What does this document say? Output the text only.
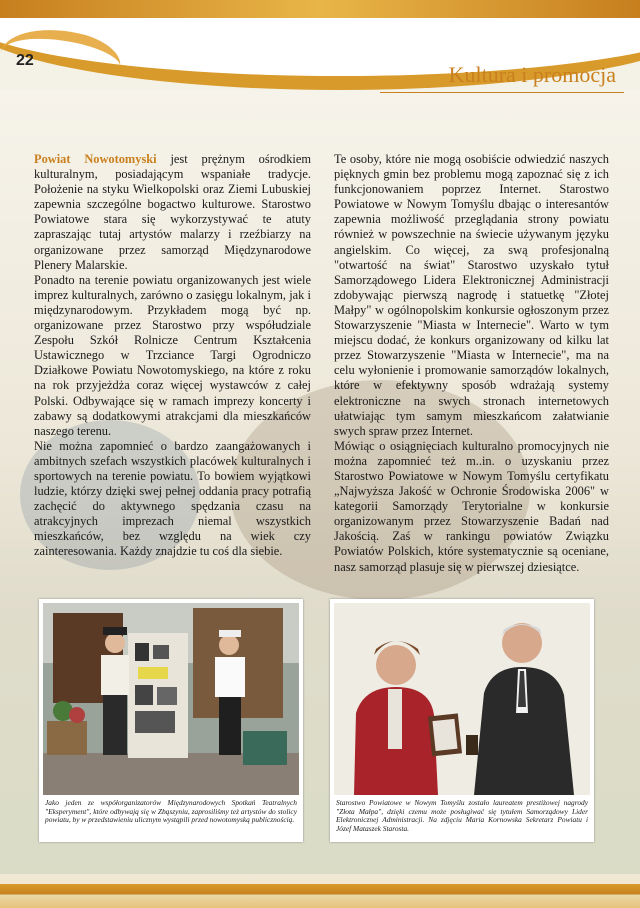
22
Kultura i promocja

Powiat Nowotomyski jest prężnym ośrodkiem kulturalnym, posiadającym wspaniałe tradycje. Położenie na styku Wielkopolski oraz Ziemi Lubuskiej zapewnia szczególne bogactwo kulturowe. Starostwo Powiatowe stara się wykorzystywać te atuty zapraszając tutaj artystów malarzy i rzeźbiarzy na organizowane przez samorząd Międzynarodowe Plenery Malarskie.

Ponadto na terenie powiatu organizowanych jest wiele imprez kulturalnych, zarówno o zasięgu lokalnym, jak i międzynarodowym. Przykładem mogą być np. organizowane przez Starostwo przy współudziale Zespołu Szkół Rolnicze Centrum Kształcenia Ustawicznego w Trzciance Targi Ogrodniczo Działkowe Powiatu Nowotomyskiego, na które z roku na rok przyjeżdża coraz więcej wystawców z całej Polski. Odbywające się w ramach imprezy koncerty i zabawy są dodatkowymi atrakcjami dla mieszkańców naszego terenu.

Nie można zapomnieć o bardzo zaangażowanych i ambitnych szefach wszystkich placówek kulturalnych i sportowych na terenie powiatu. To bowiem wyjątkowi ludzie, którzy dzięki swej pełnej oddania pracy potrafią zachęcić do aktywnego spędzania czasu na atrakcyjnych imprezach niemal wszystkich mieszkańców, bez względu na wiek czy zainteresowania. Każdy znajdzie tu coś dla siebie.

Te osoby, które nie mogą osobiście odwiedzić naszych pięknych gmin bez problemu mogą zapoznać się z ich funkcjonowaniem poprzez Internet. Starostwo Powiatowe w Nowym Tomyślu dbając o interesantów zapewnia możliwość przeglądania strony powiatu również w powszechnie na świecie używanym języku angielskim. Co więcej, za swą profesjonalną "otwartość na świat" Starostwo uzyskało tytuł Samorządowego Lidera Elektronicznej Administracji zdobywając pierwszą nagrodę i statuetkę "Złotej Małpy" w ogólnopolskim konkursie ogłoszonym przez Stowarzyszenie "Miasta w Internecie". Warto w tym miejscu dodać, że konkurs organizowany od kilku lat przez Stowarzyszenie "Miasta w Internecie", ma na celu wyłonienie i promowanie samorządów lokalnych, które w efektywny sposób wdrażają systemy elektroniczne na swych stronach internetowych ułatwiając tym samym mieszkańcom załatwianie swych spraw przez Internet.

Mówiąc o osiągnięciach kulturalno promocyjnych nie można zapomnieć też m..in. o uzyskaniu przez Starostwo Powiatowe w Nowym Tomyślu certyfikatu „Najwyższa Jakość w Ochronie Środowiska 2006" w kategorii Samorządy Terytorialne w konkursie organizowanym przez Stowarzyszenie Badań nad Jakością. Zaś w rankingu powiatów Związku Powiatów Polskich, które systematycznie są oceniane, nasz samorząd plasuje się w pierwszej dziesiątce.

Jako jeden ze współorganizatorów Międzynarodowych Spotkań Teatralnych "Eksperyment", które odbywają się w Zbąszyniu, zaprosiliśmy też artystów do stolicy powiatu, by w przedstawieniu ulicznym wystąpili przed nowotomyską publicznością.
Starostwo Powiatowe w Nowym Tomyślu zostało laureatem prestiżowej nagrody "Złota Małpa", dzięki czemu może posługiwać się tytułem Samorządowy Lider Elektronicznej Administracji. Na zdjęciu Maria Kornowska Sekretarz Powiatu i Józef Mataszek Starosta.
